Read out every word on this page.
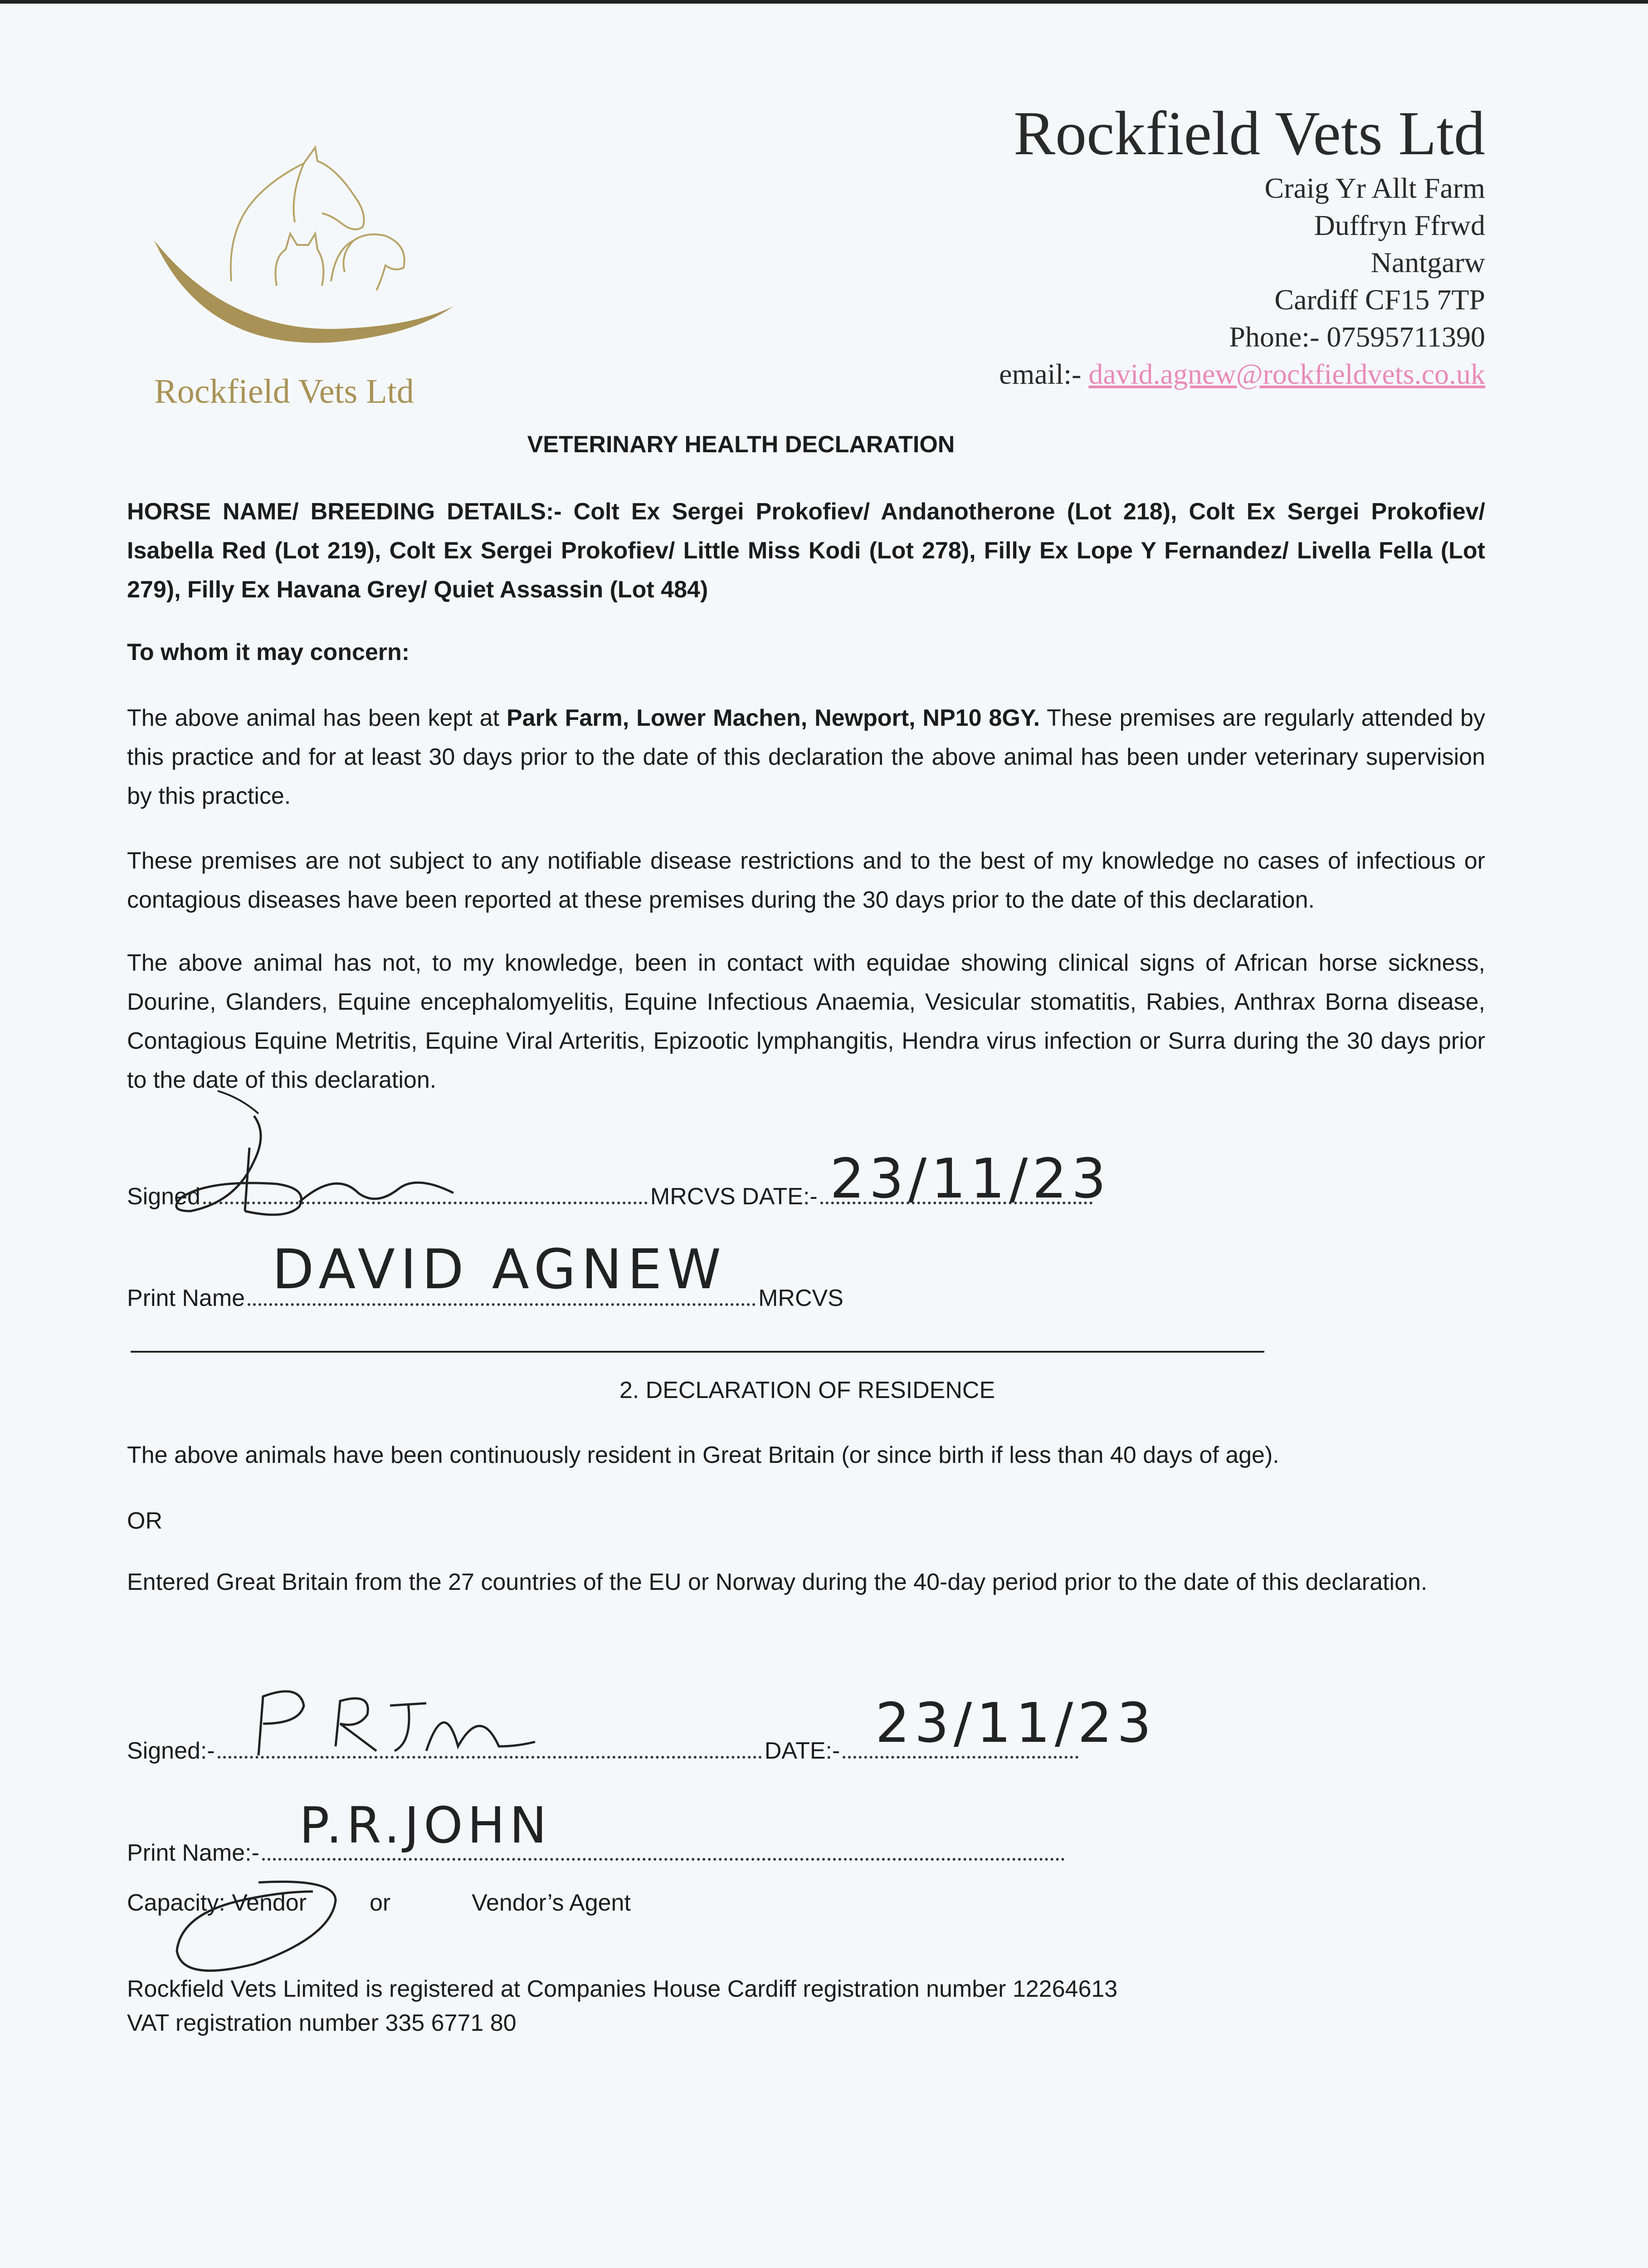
Rockfield Vets Ltd
Rockfield Vets Ltd
Craig Yr Allt Farm
Duffryn Ffrwd
Nantgarw
Cardiff CF15 7TP
Phone:- 07595711390
email:- david.agnew@rockfieldvets.co.uk
VETERINARY HEALTH DECLARATION
HORSE NAME/ BREEDING DETAILS:- Colt Ex Sergei Prokofiev/ Andanotherone (Lot 218), Colt Ex Sergei Prokofiev/ Isabella Red (Lot 219), Colt Ex Sergei Prokofiev/ Little Miss Kodi (Lot 278), Filly Ex Lope Y Fernandez/ Livella Fella (Lot 279), Filly Ex Havana Grey/ Quiet Assassin (Lot 484)
To whom it may concern:
The above animal has been kept at Park Farm, Lower Machen, Newport, NP10 8GY. These premises are regularly attended by this practice and for at least 30 days prior to the date of this declaration the above animal has been under veterinary supervision by this practice.
These premises are not subject to any notifiable disease restrictions and to the best of my knowledge no cases of infectious or contagious diseases have been reported at these premises during the 30 days prior to the date of this declaration.
The above animal has not, to my knowledge, been in contact with equidae showing clinical signs of African horse sickness, Dourine, Glanders, Equine encephalomyelitis, Equine Infectious Anaemia, Vesicular stomatitis, Rabies, Anthrax Borna disease, Contagious Equine Metritis, Equine Viral Arteritis, Epizootic lymphangitis, Hendra virus infection or Surra during the 30 days prior to the date of this declaration.
Signed	MRCVS DATE:- 23/11/23
Print Name	MRCVS
DAVID AGNEW
2. DECLARATION OF RESIDENCE
The above animals have been continuously resident in Great Britain (or since birth if less than 40 days of age).
OR
Entered Great Britain from the 27 countries of the EU or Norway during the 40-day period prior to the date of this declaration.
Signed:-	DATE:- 23/11/23
Print Name:- P.R.JOHN
Capacity: Vendor	or	Vendor’s Agent
Rockfield Vets Limited is registered at Companies House Cardiff registration number 12264613
VAT registration number 335 6771 80
